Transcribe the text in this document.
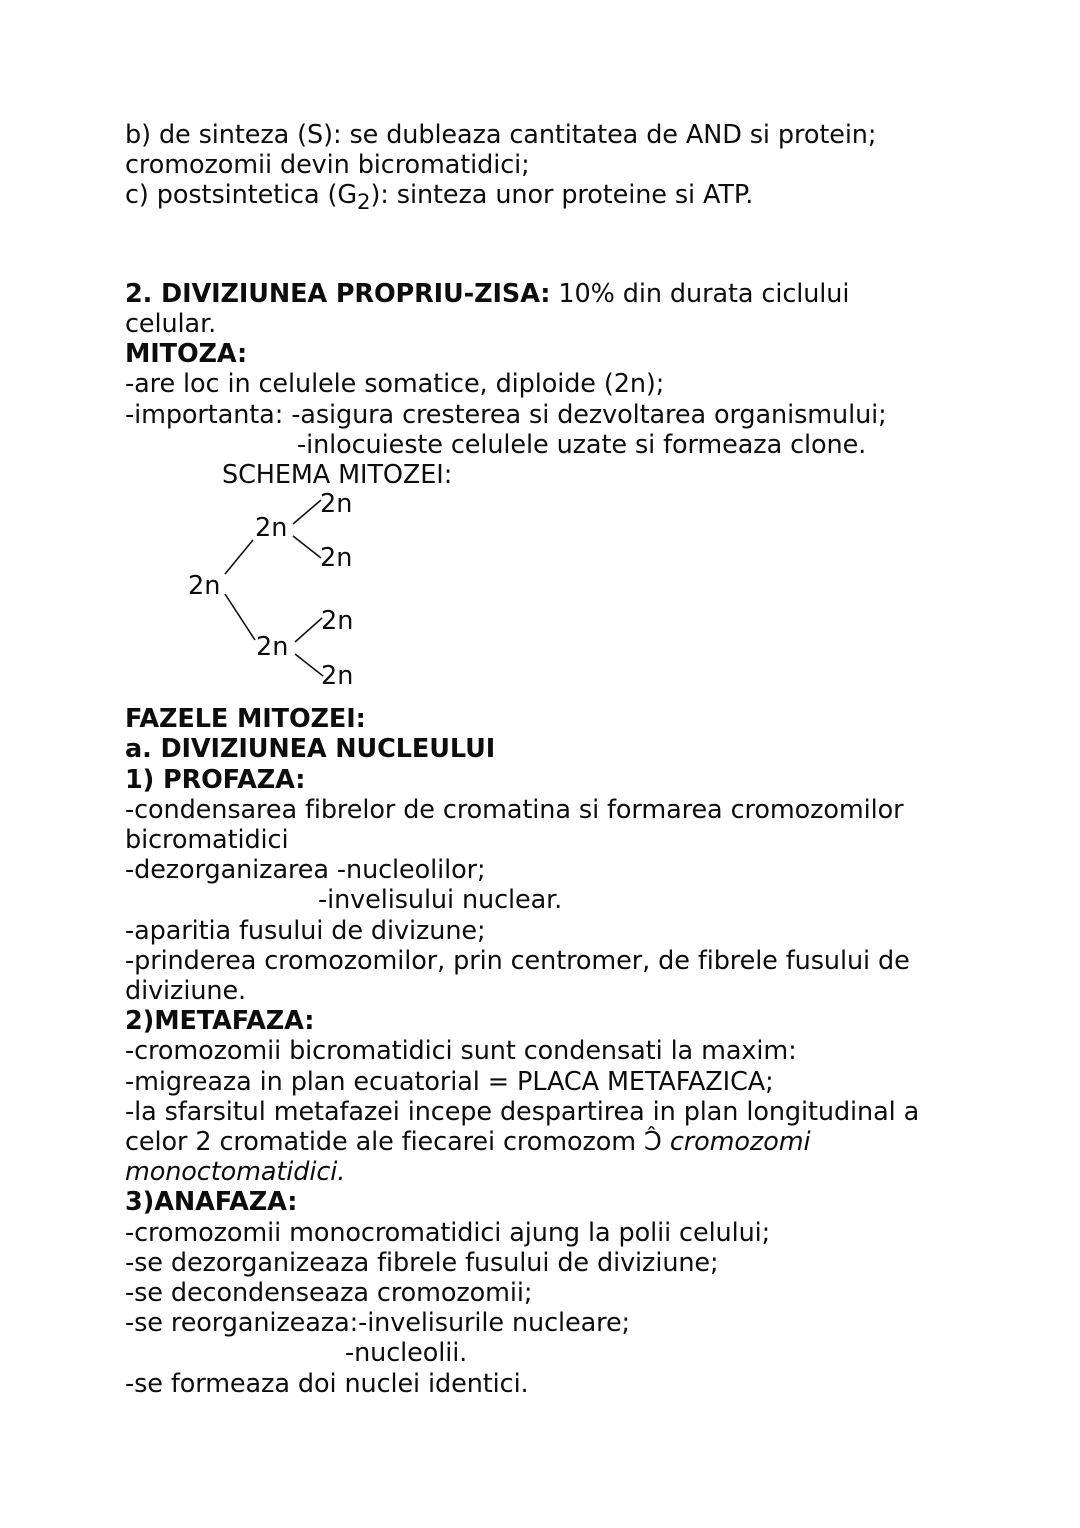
b) de sinteza (S): se dubleaza cantitatea de AND si protein;
cromozomii devin bicromatidici;
c) postsintetica $(G_2)$: sinteza unor proteine si ATP.
2. DIVIZIUNEA PROPRIU-ZISA: 10% din durata ciclului
celular.
MITOZA:
-are loc in celulele somatice, diploide (2n);
-importanta: -asigura cresterea si dezvoltarea organismului;
-inlocuieste celulele uzate si formeaza clone.
SCHEMA MITOZEI:
2n
2n
2n
2n
2n
2n
2n
FAZELE MITOZEI:
a. DIVIZIUNEA NUCLEULUI
1) PROFAZA:
-condensarea fibrelor de cromatina si formarea cromozomilor
bicromatidici
-dezorganizarea -nucleolilor;
-invelisului nuclear.
-aparitia fusului de divizune;
-prinderea cromozomilor, prin centromer, de fibrele fusului de
diviziune.
2)METAFAZA:
-cromozomii bicromatidici sunt condensati la maxim:
-migreaza in plan ecuatorial = PLACA METAFAZICA;
-la sfarsitul metafazei incepe despartirea in plan longitudinal a
celor 2 cromatide ale fiecarei cromozom Ɔ̂ cromozomi
monoctomatidici.
3)ANAFAZA:
-cromozomii monocromatidici ajung la polii celului;
-se dezorganizeaza fibrele fusului de diviziune;
-se decondenseaza cromozomii;
-se reorganizeaza:-invelisurile nucleare;
-nucleolii.
-se formeaza doi nuclei identici.
